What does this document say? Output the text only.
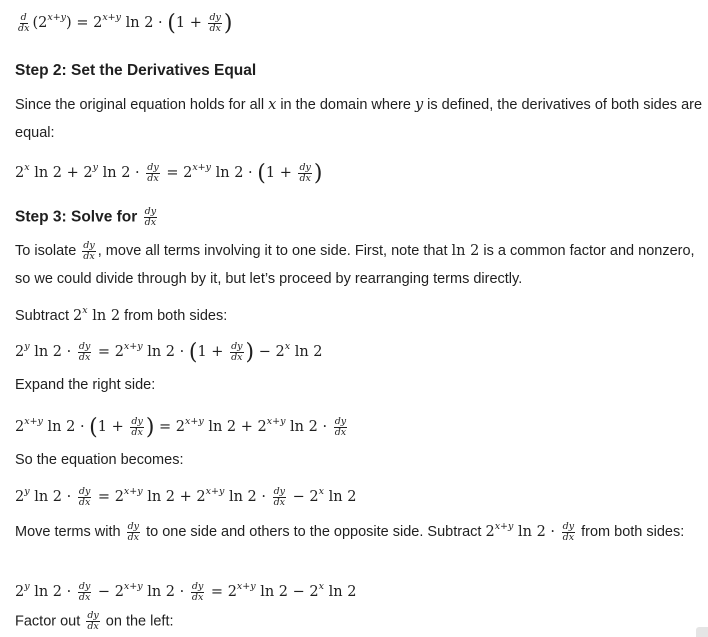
$\frac{d}{dx} (2^{x+y}) = 2^{x+y}$ $\ln 2 \cdot (1 + \frac{dy}{dx}$ )
Step 2: Set the Derivatives Equal
Since the original equation holds for all x in the domain where y is defined, the derivatives of both sides are equal:
2$^x$ $\ln 2 + 2^y$ $\ln 2 \cdot \frac{dy}{dx} = 2^{x+y}$ $\ln 2 \cdot (1 + \frac{dy}{dx}$ )
Step 3: Solve for $\frac{dy}{dx}$
To isolate $\frac{dy}{dx}$ , move all terms involving it to one side. First, note that ln 2 is a common factor and nonzero, so we could divide through by it, but let’s proceed by rearranging terms directly.
Subtract 2$^x$ ln 2 from both sides:
2$^y$ $\ln 2 \cdot \frac{dy}{dx} = 2^{x+y}$ $\ln 2 \cdot (1 + \frac{dy}{dx}$ ) − $2^x$ ln 2
Expand the right side:
$2^{x+y}$ $\ln 2 \cdot (1 + \frac{dy}{dx}$ ) = $2^{x+y}$ $\ln 2 + 2^{x+y}$ $\ln 2 \cdot \frac{dy}{dx}$
So the equation becomes:
2$^y$ $\ln 2 \cdot \frac{dy}{dx} = 2^{x+y}$ $\ln 2 + 2^{x+y}$ $\ln 2 \cdot \frac{dy}{dx} - 2^x$ ln 2
Move terms with $\frac{dy}{dx}$ to one side and others to the opposite side. Subtract $2^{x+y}$ $\ln 2 \cdot \frac{dy}{dx}$ from both sides:
2$^y$ $\ln 2 \cdot \frac{dy}{dx} - 2^{x+y}$ $\ln 2 \cdot \frac{dy}{dx} = 2^{x+y}$ $\ln 2 - 2^x$ ln 2
Factor out $\frac{dy}{dx}$ on the left:
